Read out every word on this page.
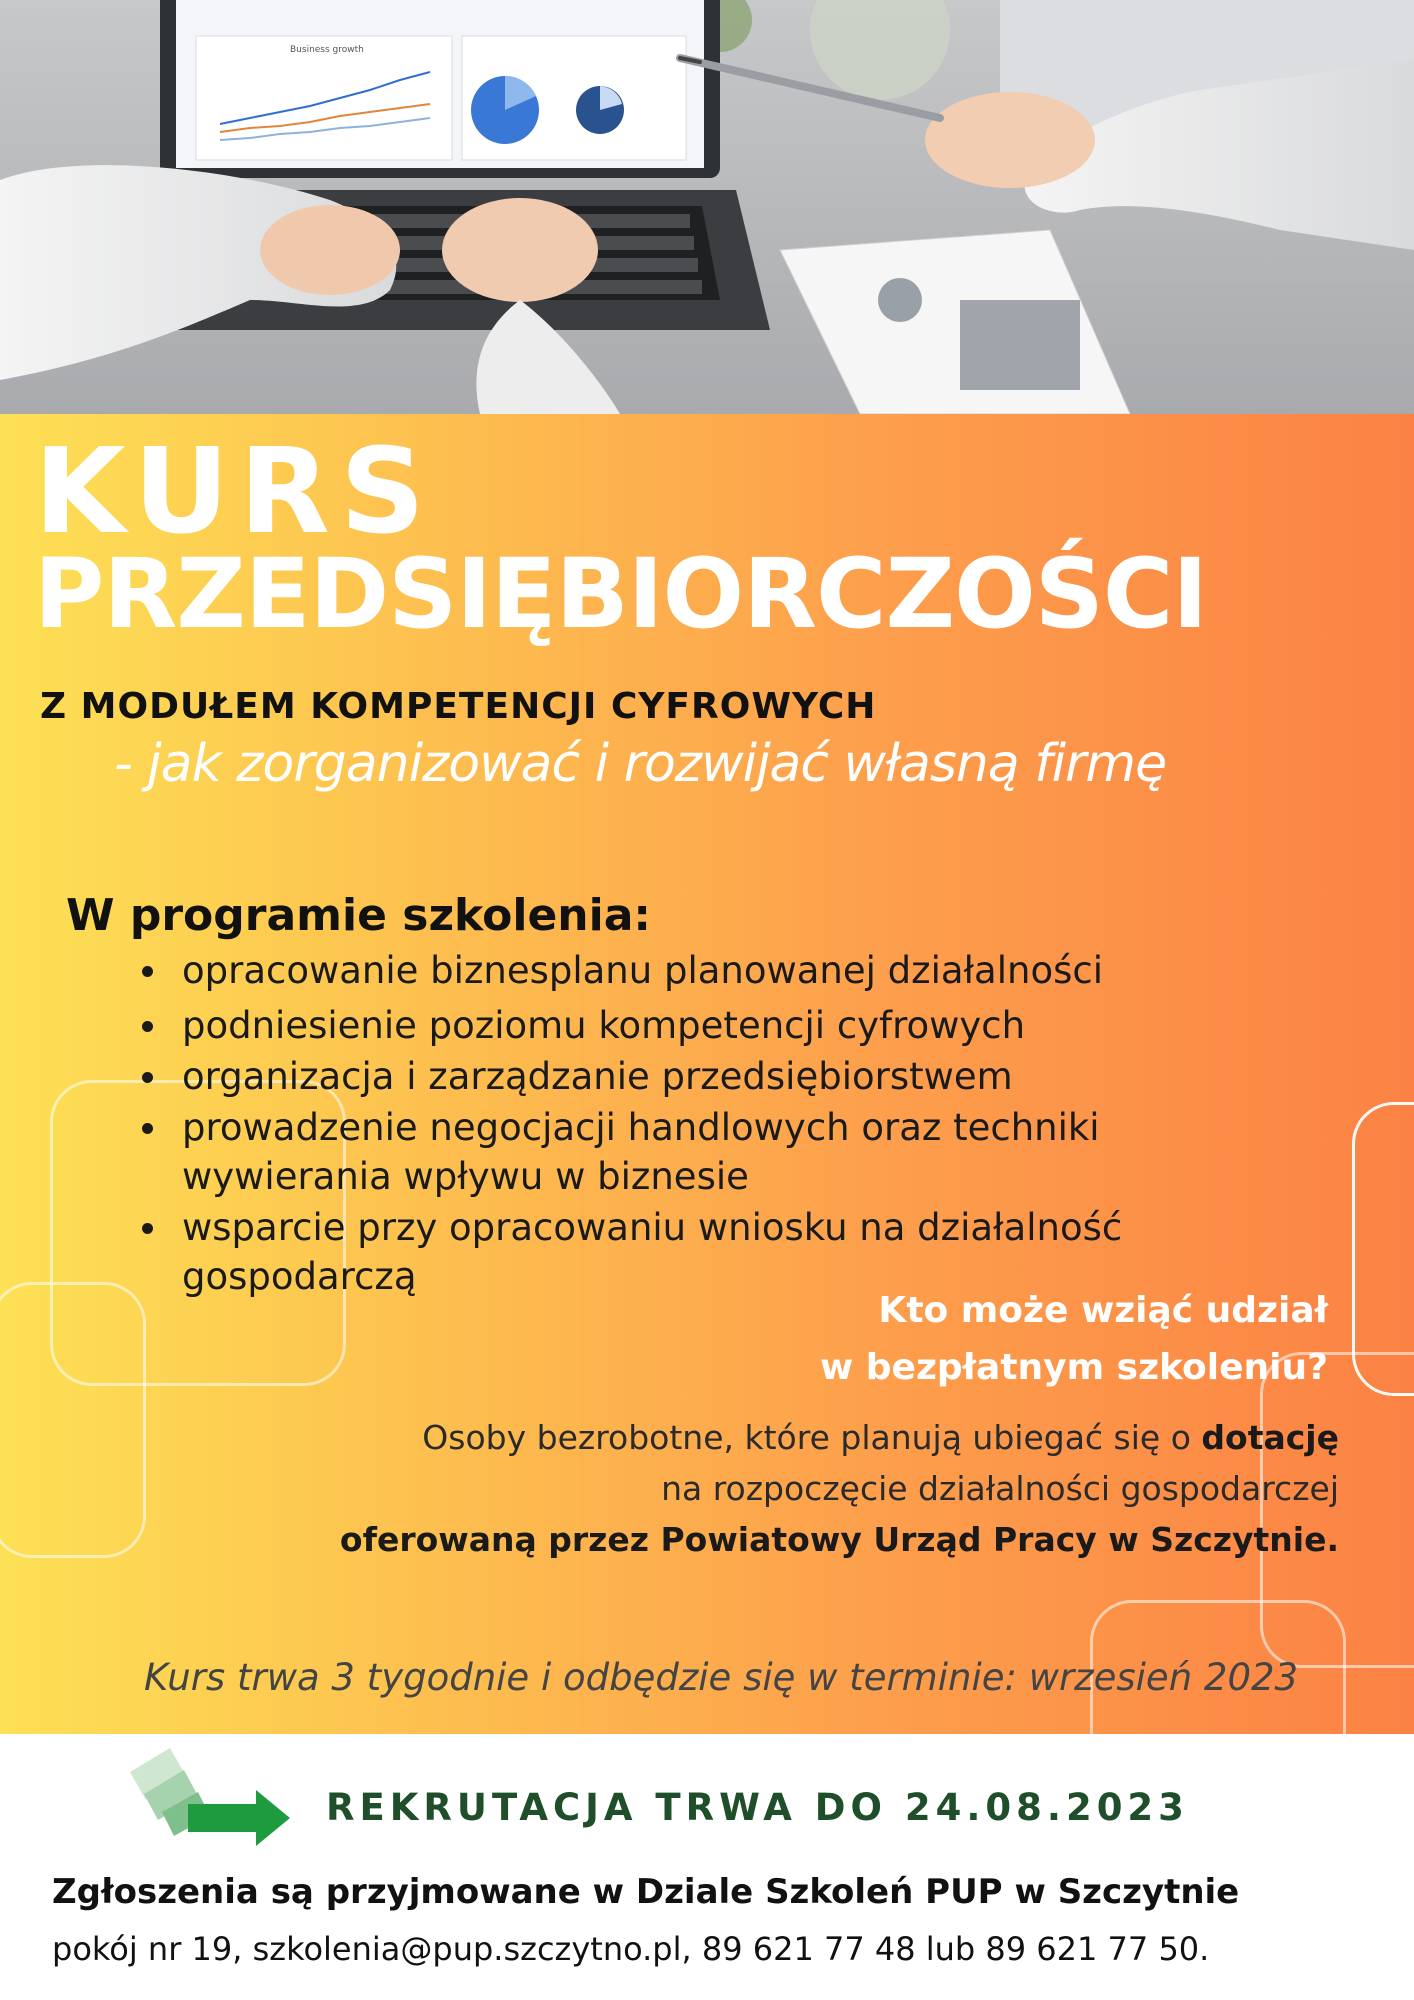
Business growth
KURS
PRZEDSIĘBIORCZOŚCI
Z MODUŁEM KOMPETENCJI CYFROWYCH

- jak zorganizować i rozwijać własną firmę

W programie szkolenia:
opracowanie biznesplanu planowanej działalności
podniesienie poziomu kompetencji cyfrowych
organizacja i zarządzanie przedsiębiorstwem
prowadzenie negocjacji handlowych oraz techniki wywierania wpływu w biznesie
wsparcie przy opracowaniu wniosku na działalność gospodarczą

Kto może wziąć udział
w bezpłatnym szkoleniu?

Osoby bezrobotne, które planują ubiegać się o dotację
na rozpoczęcie działalności gospodarczej
oferowaną przez Powiatowy Urząd Pracy w Szczytnie.

Kurs trwa 3 tygodnie i odbędzie się w terminie: wrzesień 2023

REKRUTACJA TRWA DO 24.08.2023

Zgłoszenia są przyjmowane w Dziale Szkoleń PUP w Szczytnie

pokój nr 19, szkolenia@pup.szczytno.pl, 89 621 77 48 lub 89 621 77 50.
